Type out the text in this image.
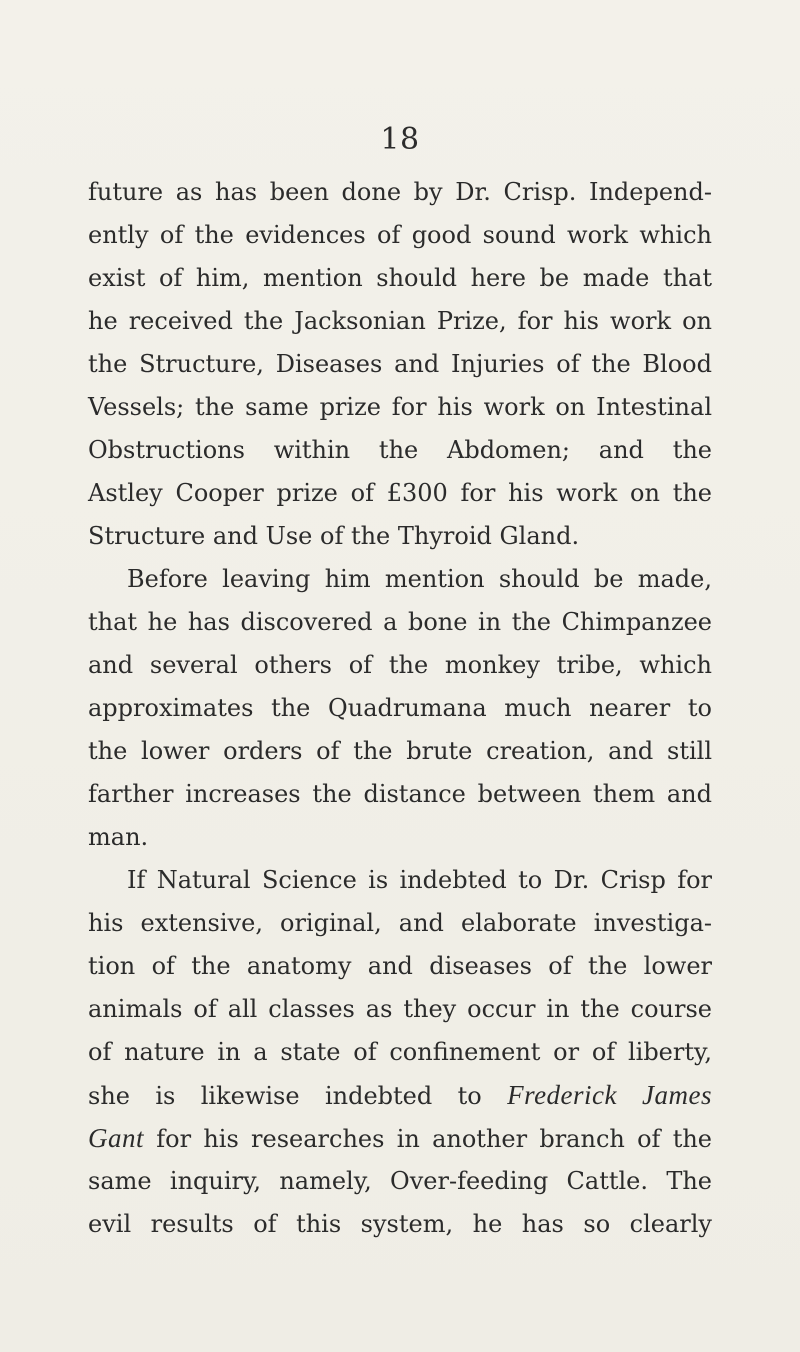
18
future as has been done by Dr. Crisp. Independ-
ently of the evidences of good sound work which
exist of him, mention should here be made that
he received the Jacksonian Prize, for his work on
the Structure, Diseases and Injuries of the Blood
Vessels; the same prize for his work on Intestinal
Obstructions within the Abdomen; and the
Astley Cooper prize of £300 for his work on the
Structure and Use of the Thyroid Gland.
Before leaving him mention should be made,
that he has discovered a bone in the Chimpanzee
and several others of the monkey tribe, which
approximates the Quadrumana much nearer to
the lower orders of the brute creation, and still
farther increases the distance between them and
man.
If Natural Science is indebted to Dr. Crisp for
his extensive, original, and elaborate investiga-
tion of the anatomy and diseases of the lower
animals of all classes as they occur in the course
of nature in a state of confinement or of liberty,
she is likewise indebted to Frederick James
Gant for his researches in another branch of the
same inquiry, namely, Over-feeding Cattle. The
evil results of this system, he has so clearly
